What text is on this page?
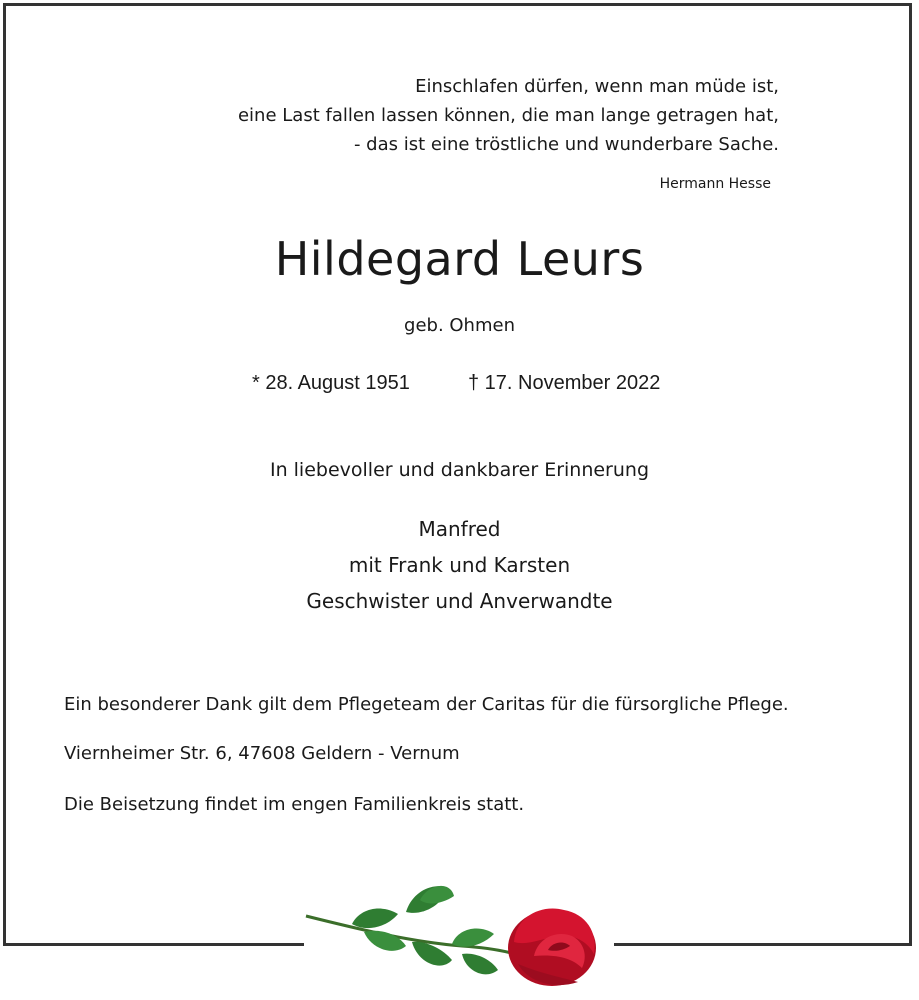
Einschlafen dürfen, wenn man müde ist,
eine Last fallen lassen können, die man lange getragen hat,
- das ist eine tröstliche und wunderbare Sache.
Hermann Hesse
Hildegard Leurs
geb. Ohmen
* 28. August 1951	† 17. November 2022
In liebevoller und dankbarer Erinnerung
Manfred
mit Frank und Karsten
Geschwister und Anverwandte
Ein besonderer Dank gilt dem Pflegeteam der Caritas für die fürsorgliche Pflege.
Viernheimer Str. 6, 47608 Geldern - Vernum
Die Beisetzung findet im engen Familienkreis statt.
